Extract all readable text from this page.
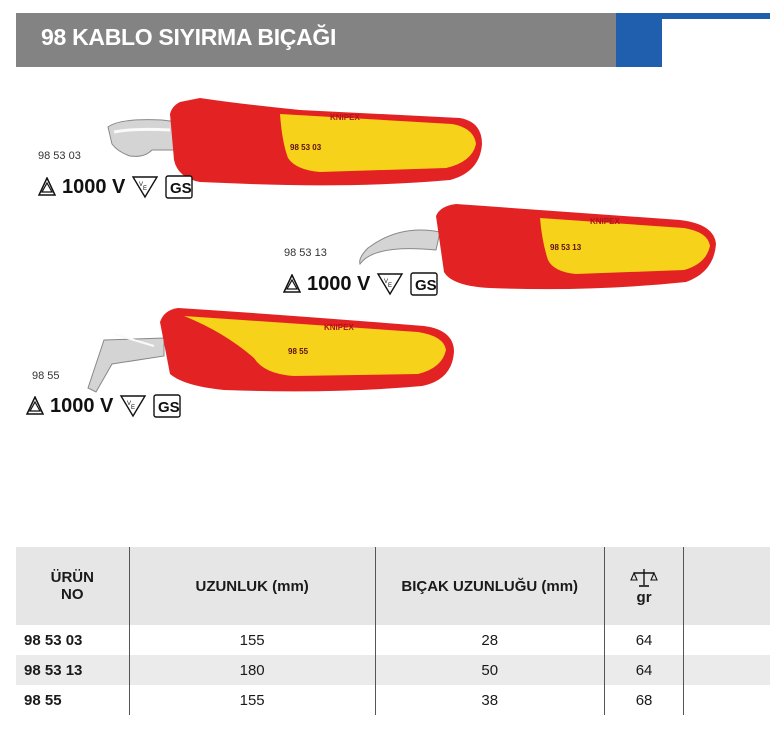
98 KABLO SIYIRMA BIÇAĞI
KNIPEX
98 53 03
98 53 03
1000 V V
E GS
KNIPEX
98 53 13
98 53 13
1000 V V
E GS
KNIPEX
98 55
98 55
1000 V V
E GS
ÜRÜN NO	UZUNLUK (mm)	BIÇAK UZUNLUĞU (mm)	gr	
98 53 03	155	28	64	
98 53 13	180	50	64	
98 55	155	38	68	
